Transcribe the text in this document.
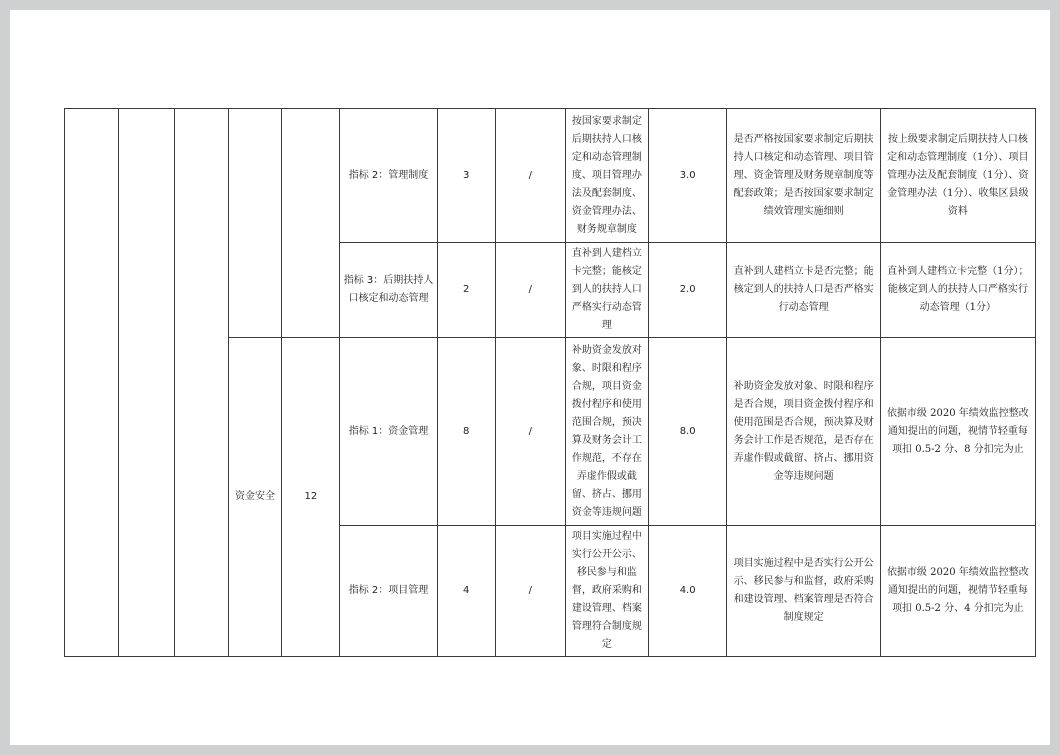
					指标 2：管理制度	3	/	按国家要求制定后期扶持人口核定和动态管理制度、项目管理办法及配套制度、资金管理办法、财务规章制度	3.0	是否严格按国家要求制定后期扶持人口核定和动态管理、项目管理、资金管理及财务规章制度等配套政策；是否按国家要求制定绩效管理实施细则	按上级要求制定后期扶持人口核定和动态管理制度（1分）、项目管理办法及配套制度（1分）、资金管理办法（1分）、收集区县级资料
					指标 3：后期扶持人口核定和动态管理	2	/	直补到人建档立卡完整；能核定到人的扶持人口严格实行动态管理	2.0	直补到人建档立卡是否完整；能核定到人的扶持人口是否严格实行动态管理	直补到人建档立卡完整（1分）；能核定到人的扶持人口严格实行动态管理（1分）
			资金安全	12	指标 1：资金管理	8	/	补助资金发放对象、时限和程序合规，项目资金拨付程序和使用范围合规，预决算及财务会计工作规范，不存在弄虚作假或截留、挤占、挪用资金等违规问题	8.0	补助资金发放对象、时限和程序是否合规，项目资金拨付程序和使用范围是否合规，预决算及财务会计工作是否规范，是否存在弄虚作假或截留、挤占、挪用资金等违规问题	依据市级 2020 年绩效监控整改通知提出的问题，视情节轻重每项扣 0.5-2 分、8 分扣完为止
					指标 2：项目管理	4	/	项目实施过程中实行公开公示、移民参与和监督，政府采购和建设管理、档案管理符合制度规定	4.0	项目实施过程中是否实行公开公示、移民参与和监督，政府采购和建设管理、档案管理是否符合制度规定	依据市级 2020 年绩效监控整改通知提出的问题，视情节轻重每项扣 0.5-2 分、4 分扣完为止
